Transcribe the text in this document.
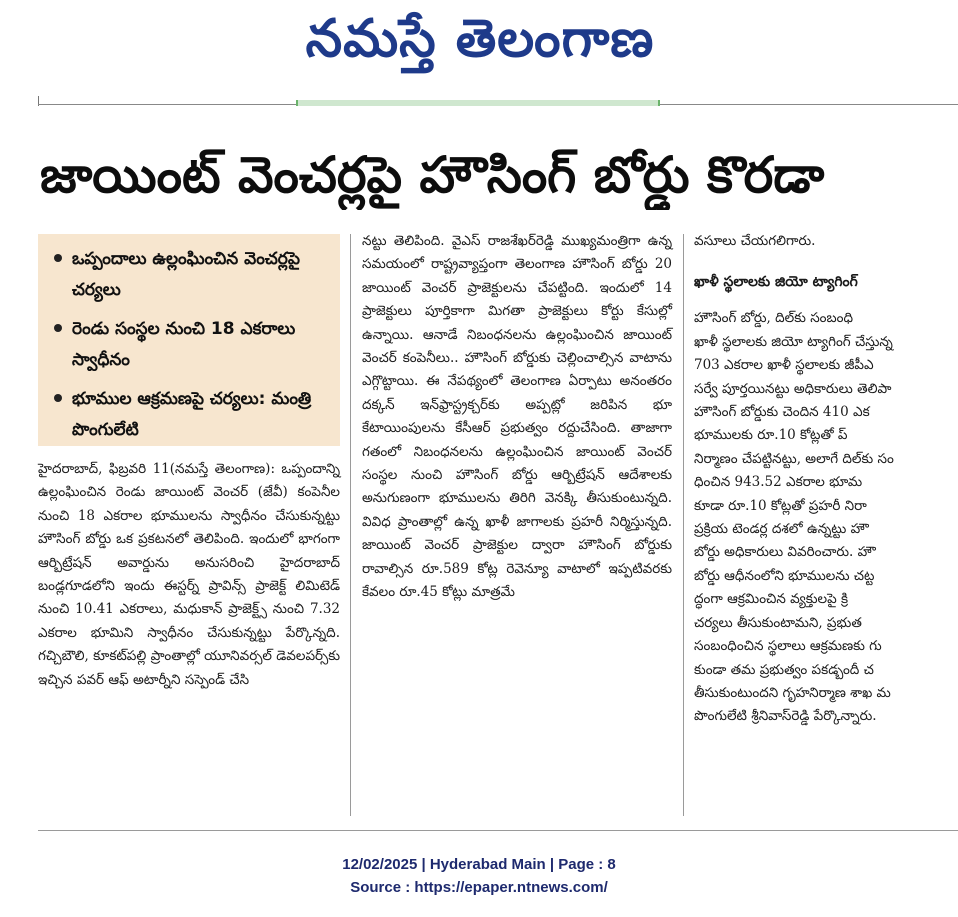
నమస్తే తెలంగాణ
జాయింట్ వెంచర్లపై హౌసింగ్ బోర్డు కొరడా
ఒప్పందాలు ఉల్లంఘించిన వెంచర్లపై చర్యలు
రెండు సంస్థల నుంచి 18 ఎకరాలు స్వాధీనం
భూముల ఆక్రమణపై చర్యలు: మంత్రి పొంగులేటి

హైదరాబాద్, ఫిబ్రవరి 11(నమస్తే తెలంగాణ): ఒప్పందాన్ని ఉల్లంఘించిన రెండు జాయింట్ వెంచర్ (జేవీ) కంపెనీల నుంచి 18 ఎకరాల భూములను స్వాధీనం చేసుకున్నట్టు హౌసింగ్ బోర్డు ఒక ప్రకటనలో తెలిపింది. ఇందులో భాగంగా ఆర్బిట్రేషన్ అవార్డును అనుసరించి హైదరాబాద్ బండ్లగూడలోని ఇందు ఈస్టర్న్ ప్రావిన్స్ ప్రాజెక్ట్ లిమిటెడ్ నుంచి 10.41 ఎకరాలు, మధుకాన్ ప్రాజెక్ట్స్ నుంచి 7.32 ఎకరాల భూమిని స్వాధీనం చేసుకున్నట్టు పేర్కొన్నది. గచ్చిబౌలి, కూకట్‌పల్లి ప్రాంతాల్లో యూనివర్సల్ డెవలపర్స్‌కు ఇచ్చిన పవర్ ఆఫ్ అటార్నీని సస్పెండ్ చేసి

నట్టు తెలిపింది. వైఎస్ రాజశేఖర్‌రెడ్డి ముఖ్యమంత్రిగా ఉన్న సమయంలో రాష్ట్రవ్యాప్తంగా తెలంగాణ హౌసింగ్ బోర్డు 20 జాయింట్ వెంచర్ ప్రాజెక్టులను చేపట్టింది. ఇందులో 14 ప్రాజెక్టులు పూర్తికాగా మిగతా ప్రాజెక్టులు కోర్టు కేసుల్లో ఉన్నాయి. ఆనాడే నిబంధనలను ఉల్లంఘించిన జాయింట్ వెంచర్ కంపెనీలు.. హౌసింగ్ బోర్డుకు చెల్లించాల్సిన వాటాను ఎగ్గొట్టాయి. ఈ నేపథ్యంలో తెలంగాణ ఏర్పాటు అనంతరం దక్కన్ ఇన్‌ఫ్రాస్ట్రక్చర్‌కు అప్పట్లో జరిపిన భూ కేటాయింపులను కేసీఆర్ ప్రభుత్వం రద్దుచేసింది. తాజాగా గతంలో నిబంధనలను ఉల్లంఘించిన జాయింట్ వెంచర్ సంస్థల నుంచి హౌసింగ్ బోర్డు ఆర్బిట్రేషన్ ఆదేశాలకు అనుగుణంగా భూములను తిరిగి వెనక్కి తీసుకుంటున్నది. వివిధ ప్రాంతాల్లో ఉన్న ఖాళీ జాగాలకు ప్రహరీ నిర్మిస్తున్నది. జాయింట్ వెంచర్ ప్రాజెక్టుల ద్వారా హౌసింగ్ బోర్డుకు రావాల్సిన రూ.589 కోట్ల రెవెన్యూ వాటాలో ఇప్పటివరకు కేవలం రూ.45 కోట్లు మాత్రమే

వసూలు చేయగలిగారు.

ఖాళీ స్థలాలకు జియో ట్యాగింగ్

హౌసింగ్ బోర్డు, దిల్‌కు సంబంధి

ఖాళీ స్థలాలకు జియో ట్యాగింగ్ చేస్తున్న

703 ఎకరాల ఖాళీ స్థలాలకు జీపీఎ

సర్వే పూర్తయినట్టు అధికారులు తెలిపా

హౌసింగ్ బోర్డుకు చెందిన 410 ఎక

భూములకు రూ.10 కోట్లతో ప్

నిర్మాణం చేపట్టినట్టు, అలాగే దిల్‌కు సం

ధించిన 943.52 ఎకరాల భూమ

కూడా రూ.10 కోట్లతో ప్రహరీ నిరా

ప్రక్రియ టెండర్ల దశలో ఉన్నట్టు హౌ

బోర్డు అధికారులు వివరించారు. హౌ

బోర్డు ఆధీనంలోని భూములను చట్ట

ద్ధంగా ఆక్రమించిన వ్యక్తులపై క్రి

చర్యలు తీసుకుంటామని, ప్రభుత

సంబంధించిన స్థలాలు ఆక్రమణకు గు

కుండా తమ ప్రభుత్వం పకడ్బందీ చ

తీసుకుంటుందని గృహనిర్మాణ శాఖ మ

పొంగులేటి శ్రీనివాస్‌రెడ్డి పేర్కొన్నారు.

12/02/2025 | Hyderabad Main | Page : 8
Source : https://epaper.ntnews.com/
